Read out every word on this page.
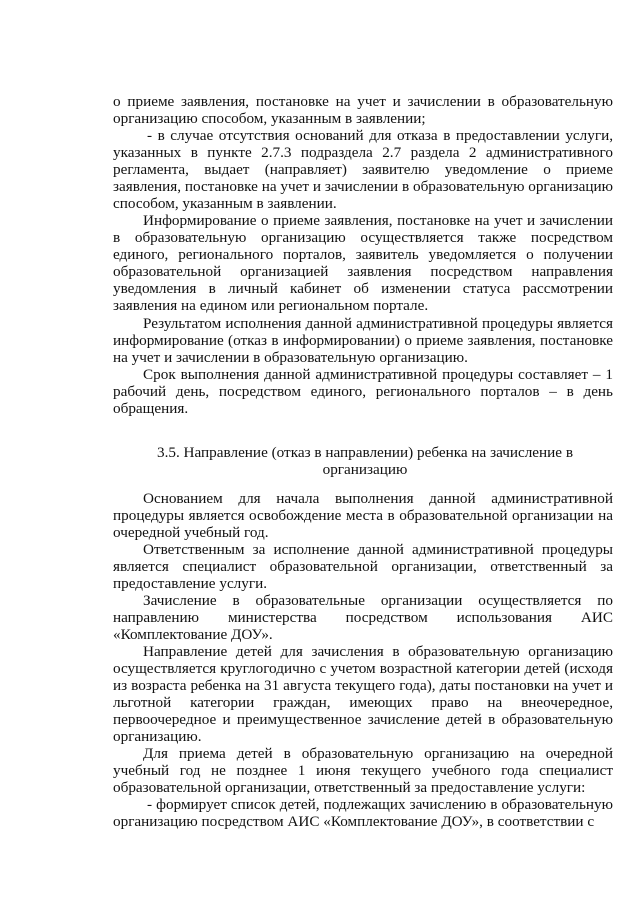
о приеме заявления, постановке на учет и зачислении в образовательную организацию способом, указанным в заявлении;

- в случае отсутствия оснований для отказа в предоставлении услуги, указанных в пункте 2.7.3 подраздела 2.7 раздела 2 административного регламента, выдает (направляет) заявителю уведомление о приеме заявления, постановке на учет и зачислении в образовательную организацию способом, указанным в заявлении.

Информирование о приеме заявления, постановке на учет и зачислении в образовательную организацию осуществляется также посредством единого, регионального порталов, заявитель уведомляется о получении образовательной организацией заявления посредством направления уведомления в личный кабинет об изменении статуса рассмотрении заявления на едином или региональном портале.

Результатом исполнения данной административной процедуры является информирование (отказ в информировании) о приеме заявления, постановке на учет и зачислении в образовательную организацию.

Срок выполнения данной административной процедуры составляет – 1 рабочий день, посредством единого, регионального порталов – в день обращения.

3.5. Направление (отказ в направлении) ребенка на зачисление в организацию

Основанием для начала выполнения данной административной процедуры является освобождение места в образовательной организации на очередной учебный год.

Ответственным за исполнение данной административной процедуры является специалист образовательной организации, ответственный за предоставление услуги.

Зачисление в образовательные организации осуществляется по направлению министерства посредством использования АИС «Комплектование ДОУ».

Направление детей для зачисления в образовательную организацию осуществляется круглогодично с учетом возрастной категории детей (исходя из возраста ребенка на 31 августа текущего года), даты постановки на учет и льготной категории граждан, имеющих право на внеочередное, первоочередное и преимущественное зачисление детей в образовательную организацию.

Для приема детей в образовательную организацию на очередной учебный год не позднее 1 июня текущего учебного года специалист образовательной организации, ответственный за предоставление услуги:

- формирует список детей, подлежащих зачислению в образовательную организацию посредством АИС «Комплектование ДОУ», в соответствии с
